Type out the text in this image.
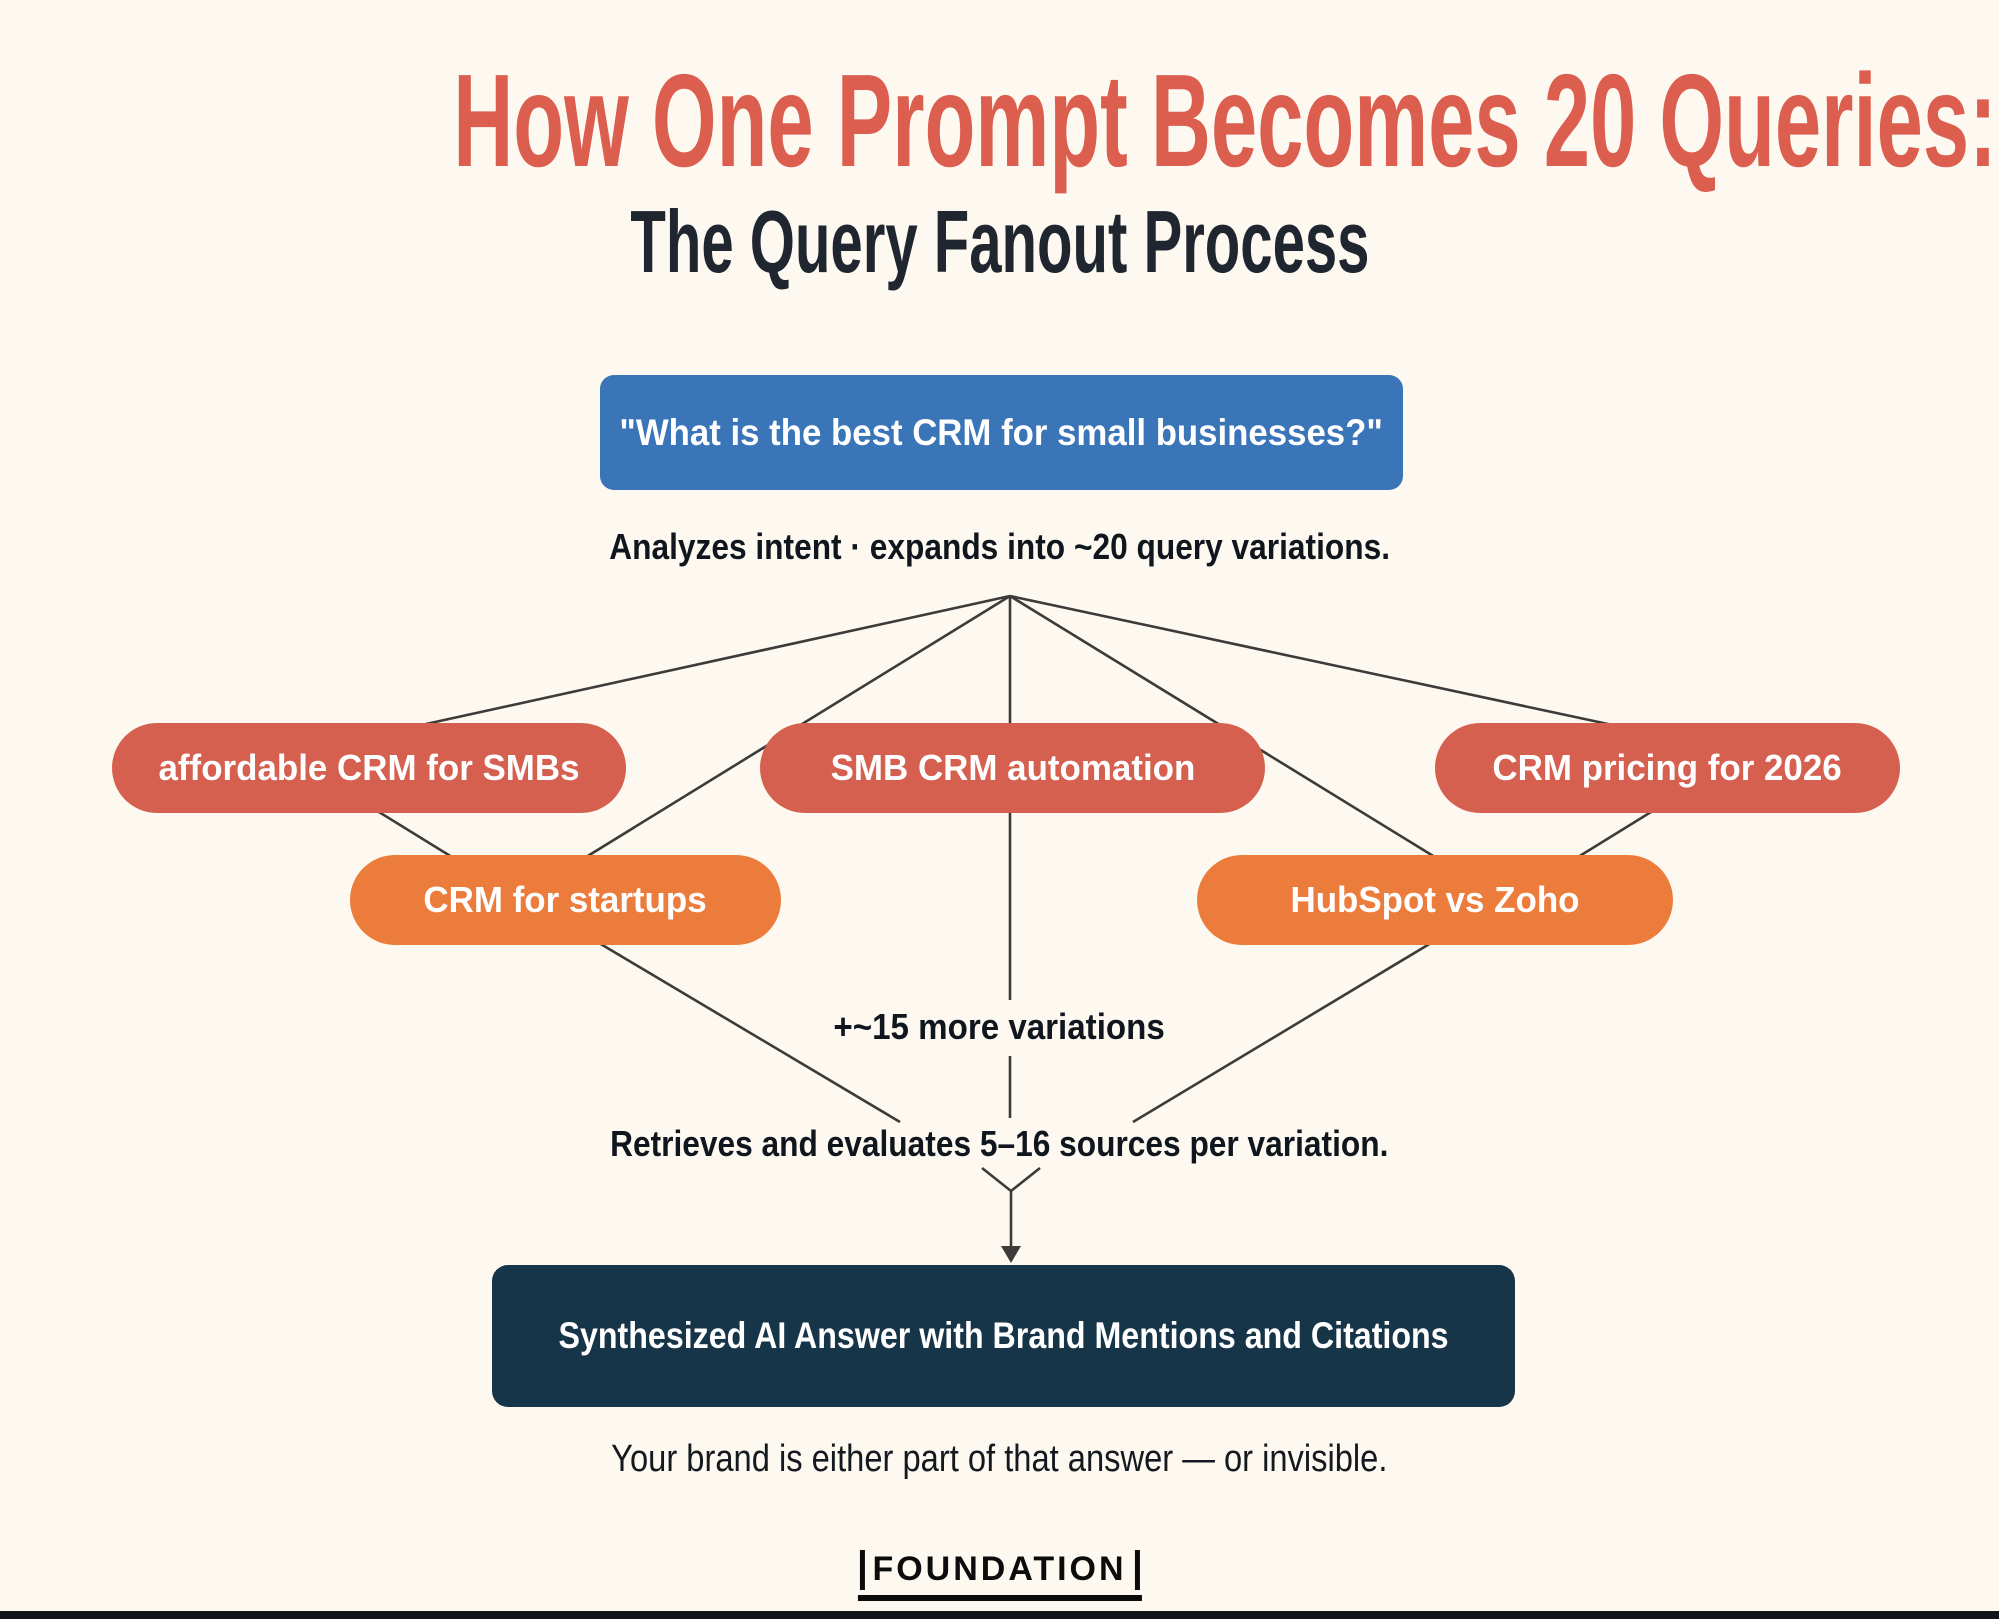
How One Prompt Becomes 20 Queries:
The Query Fanout Process
"What is the best CRM for small businesses?"
Analyzes intent · expands into ~20 query variations.
affordable CRM for SMBs	SMB CRM automation	CRM pricing for 2026
CRM for startups	HubSpot vs Zoho
+~15 more variations
Retrieves and evaluates 5–16 sources per variation.
Synthesized AI Answer with Brand Mentions and Citations
Your brand is either part of that answer — or invisible.
FOUNDATION
